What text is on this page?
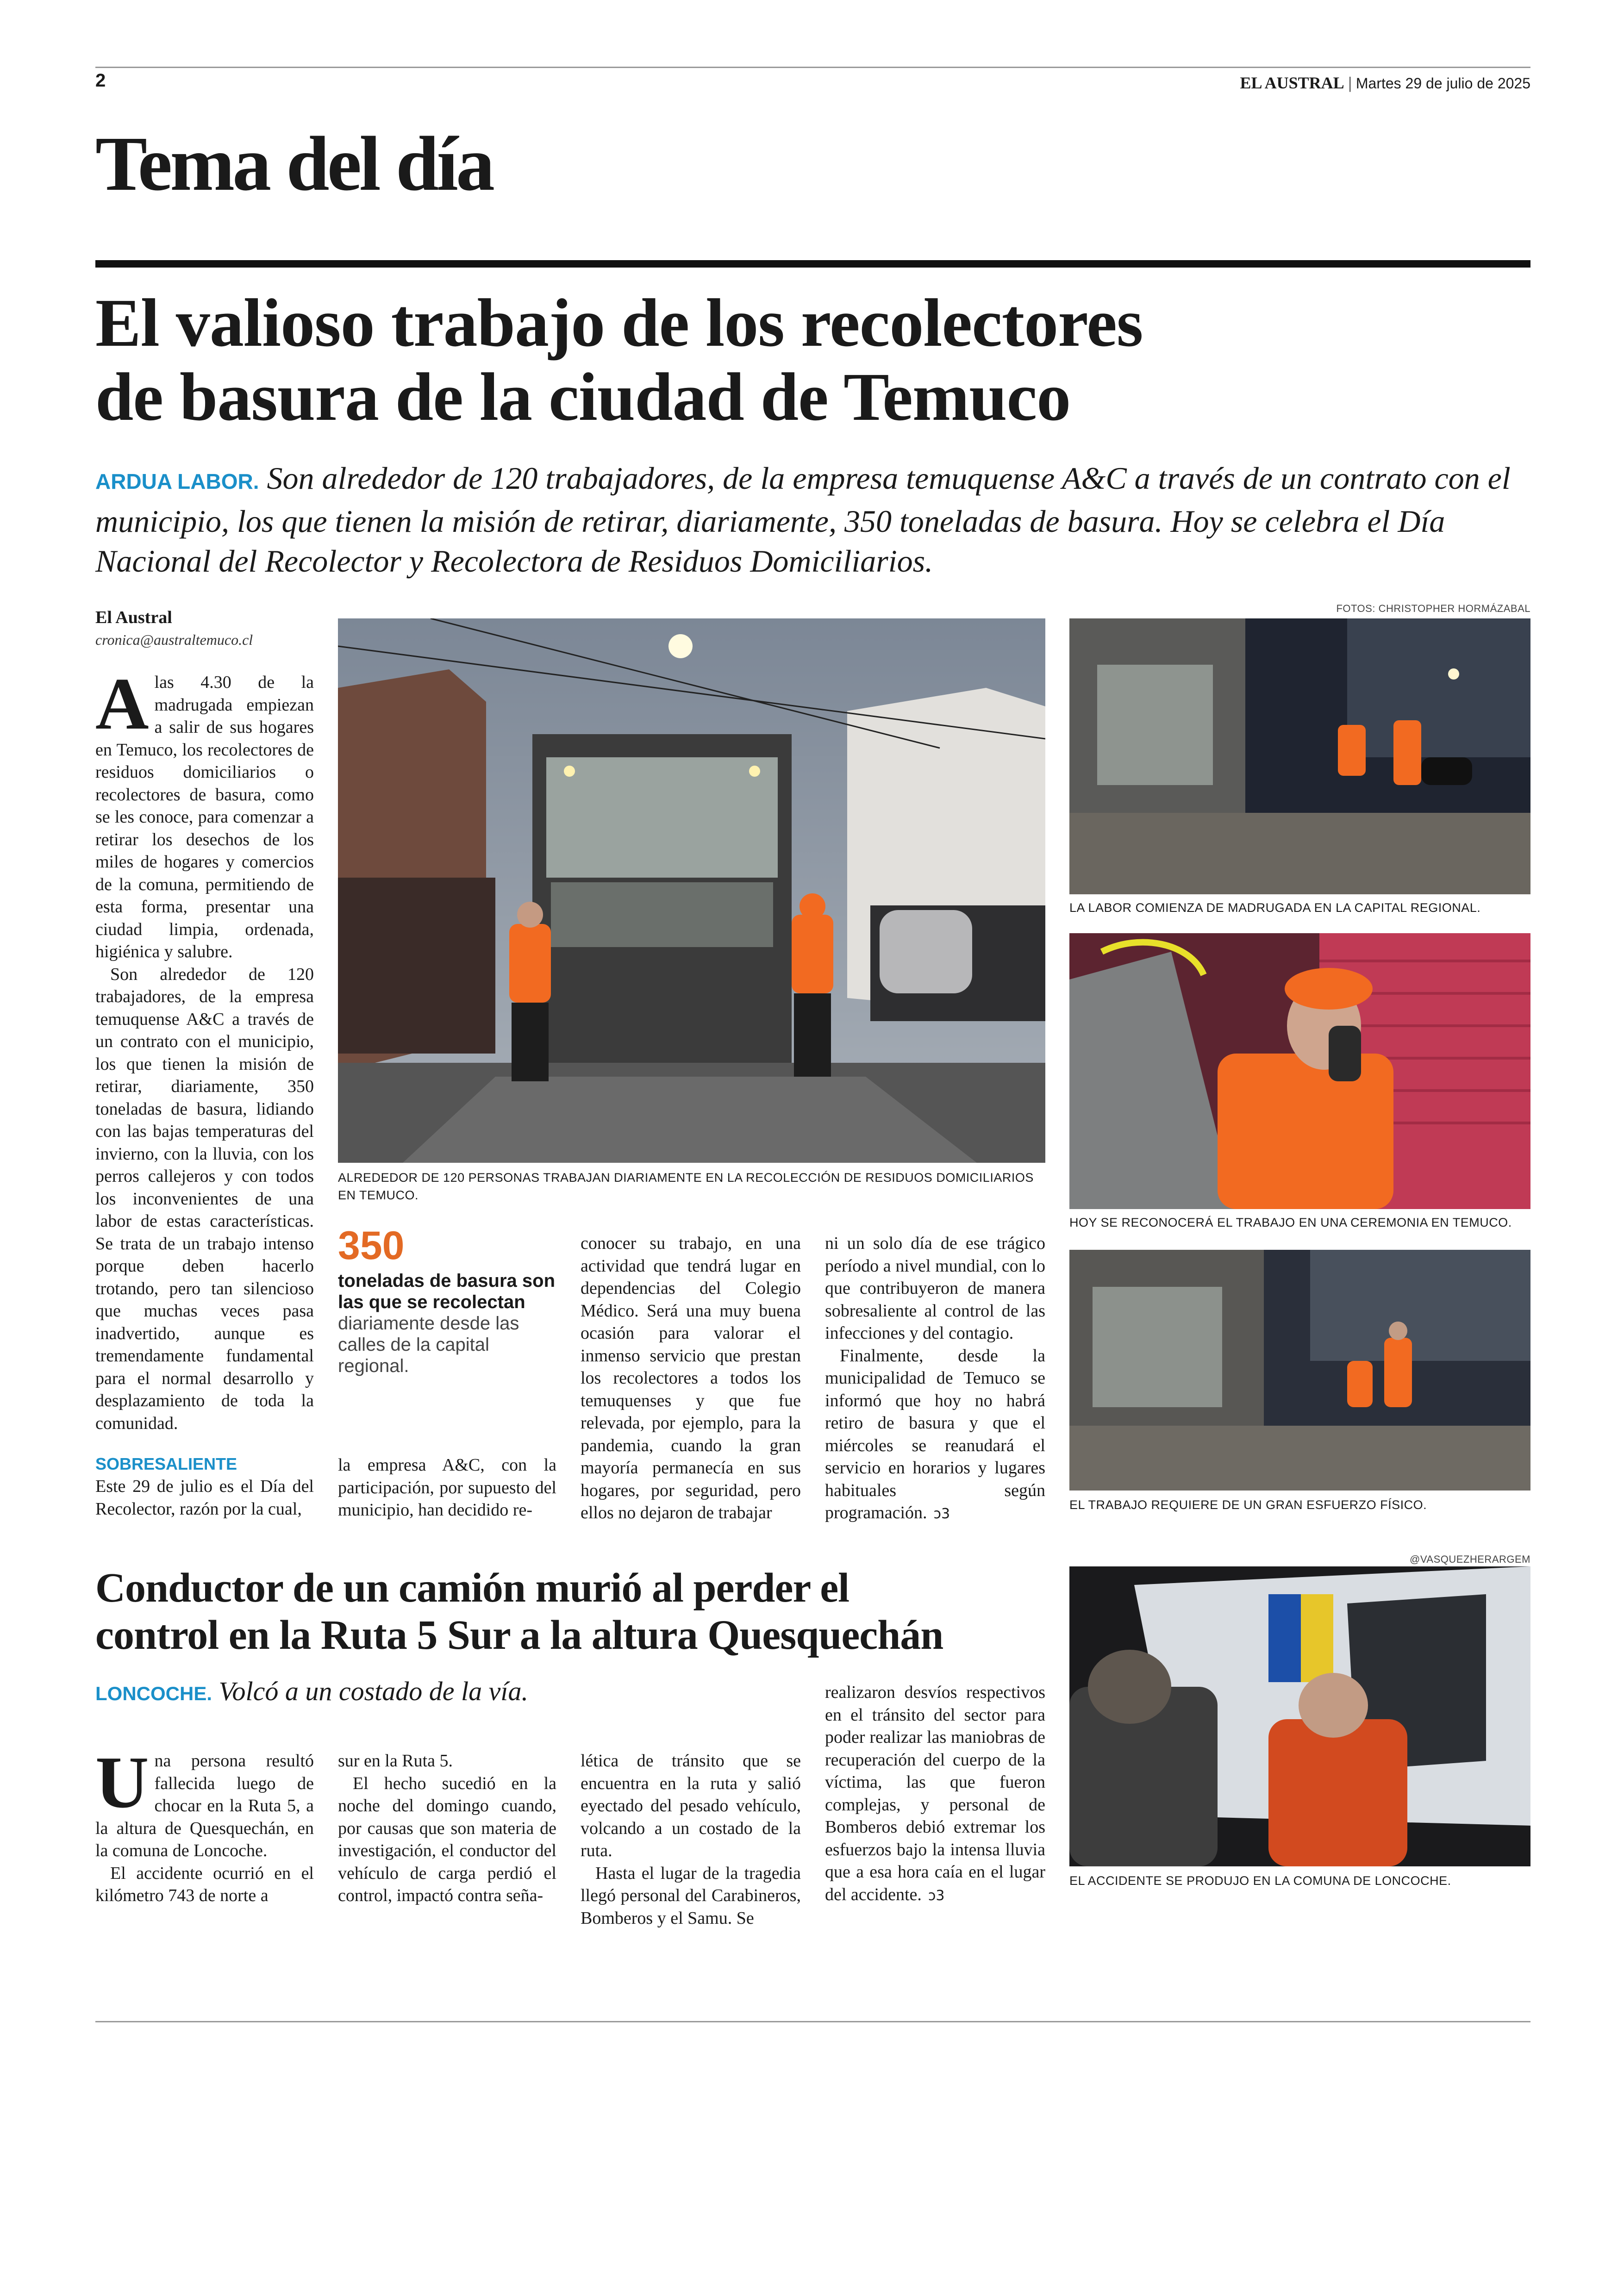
2	EL AUSTRAL | Martes 29 de julio de 2025
Tema del día
El valioso trabajo de los recolectores
de basura de la ciudad de Temuco
ARDUA LABOR. Son alrededor de 120 trabajadores, de la empresa temuquense A&C a través de un contrato con el municipio, los que tienen la misión de retirar, diariamente, 350 toneladas de basura. Hoy se celebra el Día Nacional del Recolector y Recolectora de Residuos Domiciliarios.
El Austral
cronica@australtemuco.cl

Alas 4.30 de la madrugada empiezan a salir de sus hogares en Temuco, los recolectores de residuos domiciliarios o recolectores de basura, como se les conoce, para comenzar a retirar los desechos de los miles de hogares y comercios de la comuna, permitiendo de esta forma, presentar una ciudad limpia, ordenada, higiénica y salubre.

Son alrededor de 120 trabajadores, de la empresa temuquense A&C a través de un contrato con el municipio, los que tienen la misión de retirar, diariamente, 350 toneladas de basura, lidiando con las bajas temperaturas del invierno, con la lluvia, con los perros callejeros y con todos los inconvenientes de una labor de estas características. Se trata de un trabajo intenso porque deben hacerlo trotando, pero tan silencioso que muchas veces pasa inadvertido, aunque es tremendamente fundamental para el normal desarrollo y desplazamiento de toda la comunidad.

SOBRESALIENTE

Este 29 de julio es el Día del Recolector, razón por la cual,

FOTOS: CHRISTOPHER HORMÁZABAL
ALREDEDOR DE 120 PERSONAS TRABAJAN DIARIAMENTE EN LA RECOLECCIÓN DE RESIDUOS DOMICILIARIOS EN TEMUCO.
350
toneladas de basura son las que se recolectan diariamente desde las calles de la capital regional.

la empresa A&C, con la participación, por supuesto del municipio, han decidido re-

conocer su trabajo, en una actividad que tendrá lugar en dependencias del Colegio Médico. Será una muy buena ocasión para valorar el inmenso servicio que prestan los recolectores a todos los temuquenses y que fue relevada, por ejemplo, para la pandemia, cuando la gran mayoría permanecía en sus hogares, por seguridad, pero ellos no dejaron de trabajar

ni un solo día de ese trágico período a nivel mundial, con lo que contribuyeron de manera sobresaliente al control de las infecciones y del contagio.

Finalmente, desde la municipalidad de Temuco se informó que hoy no habrá retiro de basura y que el miércoles se reanudará el servicio en horarios y lugares habituales según programación. ↄ3

LA LABOR COMIENZA DE MADRUGADA EN LA CAPITAL REGIONAL.
HOY SE RECONOCERÁ EL TRABAJO EN UNA CEREMONIA EN TEMUCO.
EL TRABAJO REQUIERE DE UN GRAN ESFUERZO FÍSICO.
Conductor de un camión murió al perder el
control en la Ruta 5 Sur a la altura Quesquechán
LONCOCHE. Volcó a un costado de la vía.

Una persona resultó fallecida luego de chocar en la Ruta 5, a la altura de Quesquechán, en la comuna de Loncoche.

El accidente ocurrió en el kilómetro 743 de norte a

sur en la Ruta 5.

El hecho sucedió en la noche del domingo cuando, por causas que son materia de investigación, el conductor del vehículo de carga perdió el control, impactó contra seña-

lética de tránsito que se encuentra en la ruta y salió eyectado del pesado vehículo, volcando a un costado de la ruta.

Hasta el lugar de la tragedia llegó personal del Carabineros, Bomberos y el Samu. Se

realizaron desvíos respectivos en el tránsito del sector para poder realizar las maniobras de recuperación del cuerpo de la víctima, las que fueron complejas, y personal de Bomberos debió extremar los esfuerzos bajo la intensa lluvia que a esa hora caía en el lugar del accidente. ↄ3

@VASQUEZHERARGEM
EL ACCIDENTE SE PRODUJO EN LA COMUNA DE LONCOCHE.
